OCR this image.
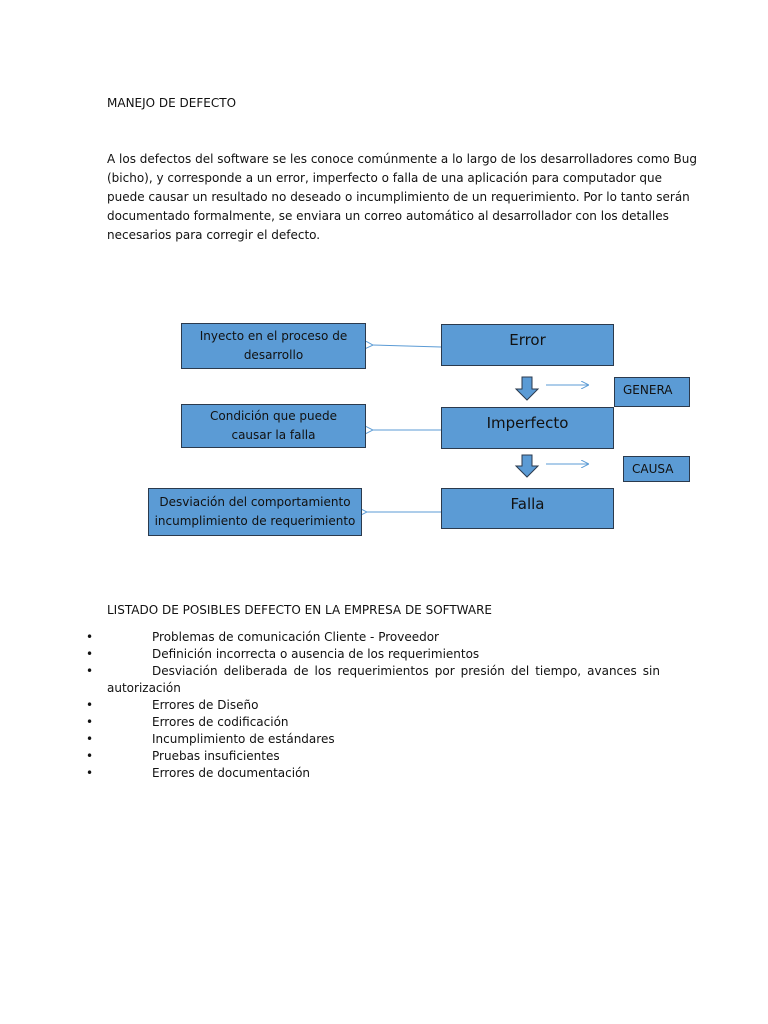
MANEJO DE DEFECTO

A los defectos del software se les conoce comúnmente a lo largo de los desarrolladores como Bug
(bicho), y corresponde a un error, imperfecto o falla de una aplicación para computador que
puede causar un resultado no deseado o incumplimiento de un requerimiento. Por lo tanto serán
documentado formalmente, se enviara un correo automático al desarrollador con los detalles
necesarios para corregir el defecto.

Inyecto en el proceso de
desarrollo
Condición que puede
causar la falla
Desviación del comportamiento
incumplimiento de requerimiento
Error
Imperfecto
Falla
GENERA
CAUSA
LISTADO DE POSIBLES DEFECTO EN LA EMPRESA DE SOFTWARE
•	Problemas de comunicación Cliente - Proveedor
•	Definición incorrecta o ausencia de los requerimientos
•	Desviación deliberada de los requerimientos por presión del tiempo, avances sin
autorización
•	Errores de Diseño
•	Errores de codificación
•	Incumplimiento de estándares
•	Pruebas insuficientes
•	Errores de documentación
